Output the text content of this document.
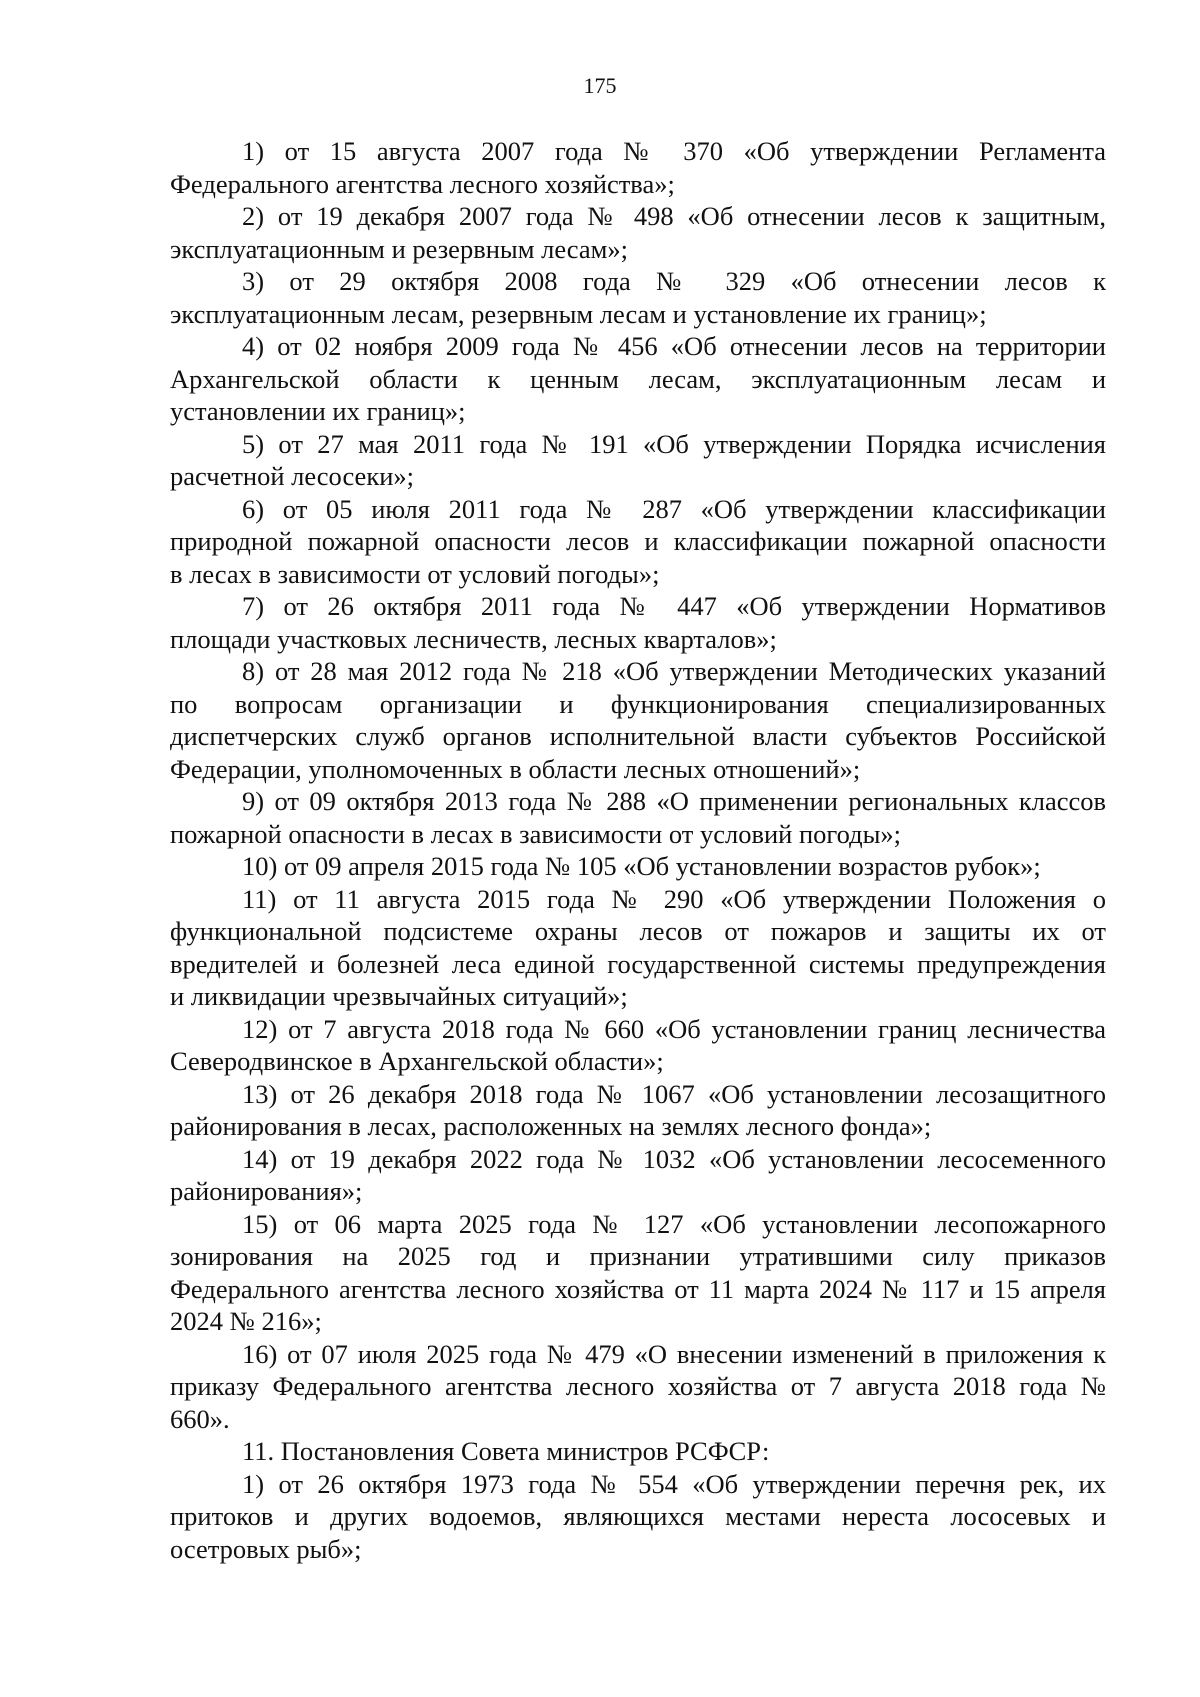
175
1) от 15 августа 2007 года № 370 «Об утверждении Регламента
Федерального агентства лесного хозяйства»;
2) от 19 декабря 2007 года № 498 «Об отнесении лесов к защитным,
эксплуатационным и резервным лесам»;
3) от 29 октября 2008 года № 329 «Об отнесении лесов к
эксплуатационным лесам, резервным лесам и установление их границ»;
4) от 02 ноября 2009 года № 456 «Об отнесении лесов на территории
Архангельской области к ценным лесам, эксплуатационным лесам и
установлении их границ»;
5) от 27 мая 2011 года № 191 «Об утверждении Порядка исчисления
расчетной лесосеки»;
6) от 05 июля 2011 года № 287 «Об утверждении классификации
природной пожарной опасности лесов и классификации пожарной опасности
в лесах в зависимости от условий погоды»;
7) от 26 октября 2011 года № 447 «Об утверждении Нормативов
площади участковых лесничеств, лесных кварталов»;
8) от 28 мая 2012 года № 218 «Об утверждении Методических указаний
по вопросам организации и функционирования специализированных
диспетчерских служб органов исполнительной власти субъектов Российской
Федерации, уполномоченных в области лесных отношений»;
9) от 09 октября 2013 года № 288 «О применении региональных классов
пожарной опасности в лесах в зависимости от условий погоды»;
10) от 09 апреля 2015 года № 105 «Об установлении возрастов рубок»;
11) от 11 августа 2015 года № 290 «Об утверждении Положения о
функциональной подсистеме охраны лесов от пожаров и защиты их от
вредителей и болезней леса единой государственной системы предупреждения
и ликвидации чрезвычайных ситуаций»;
12) от 7 августа 2018 года № 660 «Об установлении границ лесничества
Северодвинское в Архангельской области»;
13) от 26 декабря 2018 года № 1067 «Об установлении лесозащитного
районирования в лесах, расположенных на землях лесного фонда»;
14) от 19 декабря 2022 года № 1032 «Об установлении лесосеменного
районирования»;
15) от 06 марта 2025 года № 127 «Об установлении лесопожарного
зонирования на 2025 год и признании утратившими силу приказов
Федерального агентства лесного хозяйства от 11 марта 2024 № 117 и 15 апреля
2024 № 216»;
16) от 07 июля 2025 года № 479 «О внесении изменений в приложения к
приказу Федерального агентства лесного хозяйства от 7 августа 2018 года №
660».
11. Постановления Совета министров РСФСР:
1) от 26 октября 1973 года № 554 «Об утверждении перечня рек, их
притоков и других водоемов, являющихся местами нереста лососевых и
осетровых рыб»;
